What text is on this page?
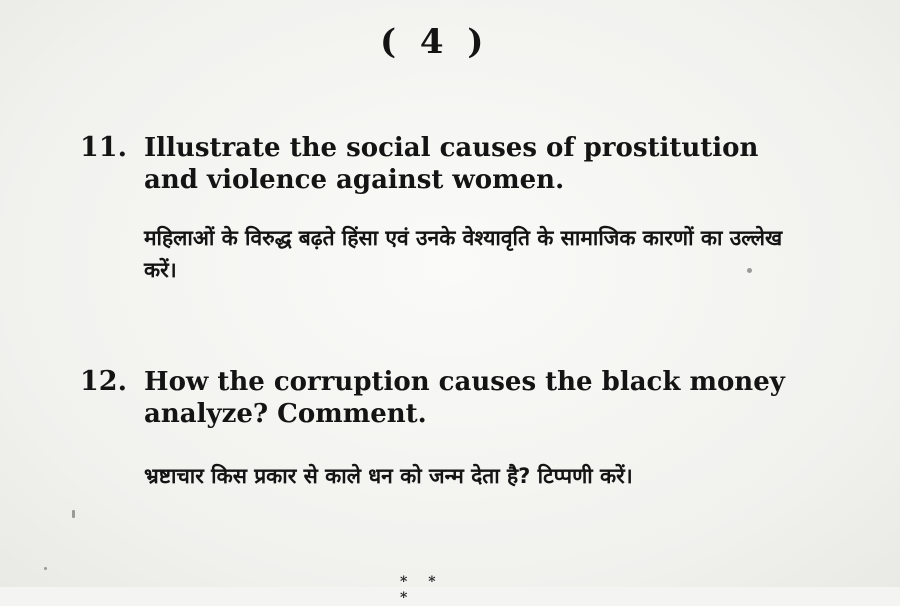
( 4 )
11. Illustrate the social causes of prostitution and violence against women.
महिलाओं के विरुद्ध बढ़ते हिंसा एवं उनके वेश्यावृति के सामाजिक कारणों का उल्लेख करें।
12. How the corruption causes the black money analyze? Comment.
भ्रष्टाचार किस प्रकार से काले धन को जन्म देता है? टिप्पणी करें।
* * *
